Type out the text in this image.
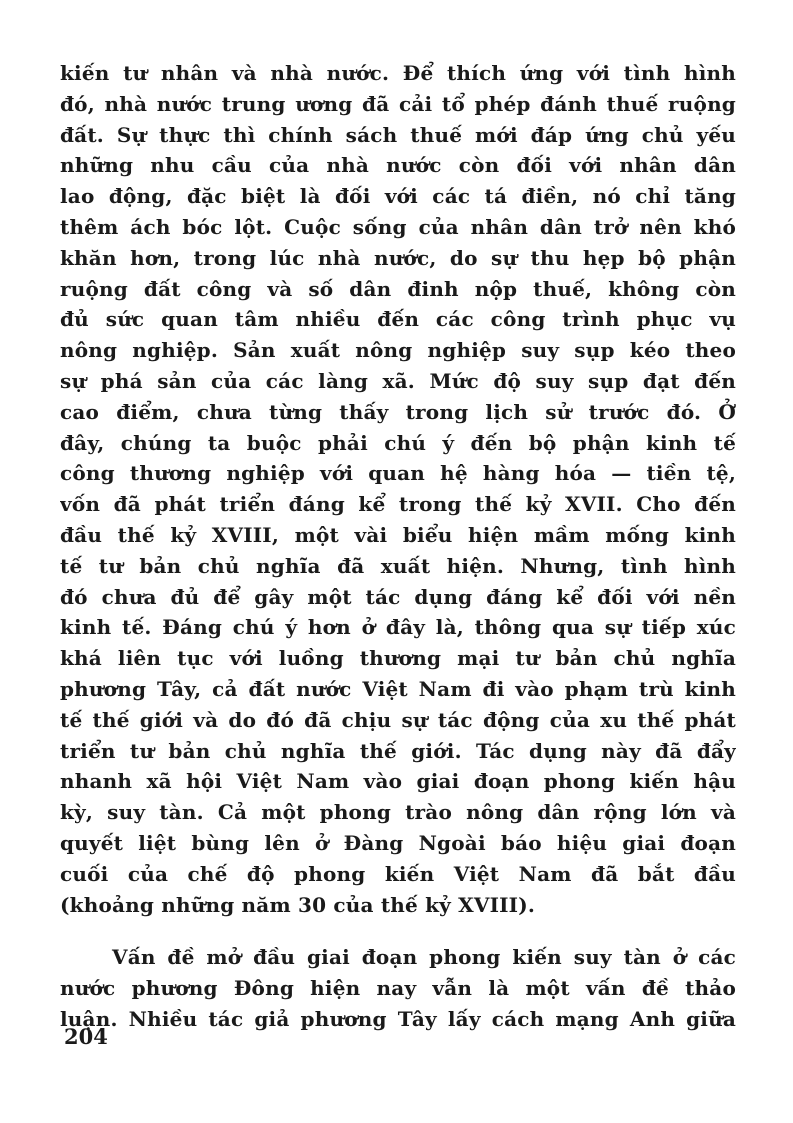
kiến tư nhân và nhà nước. Để thích ứng với tình hình
đó, nhà nước trung ương đã cải tổ phép đánh thuế ruộng
đất. Sự thực thì chính sách thuế mới đáp ứng chủ yếu
những nhu cầu của nhà nước còn đối với nhân dân
lao động, đặc biệt là đối với các tá điền, nó chỉ tăng
thêm ách bóc lột. Cuộc sống của nhân dân trở nên khó
khăn hơn, trong lúc nhà nước, do sự thu hẹp bộ phận
ruộng đất công và số dân đinh nộp thuế, không còn
đủ sức quan tâm nhiều đến các công trình phục vụ
nông nghiệp. Sản xuất nông nghiệp suy sụp kéo theo
sự phá sản của các làng xã. Mức độ suy sụp đạt đến
cao điểm, chưa từng thấy trong lịch sử trước đó. Ở
đây, chúng ta buộc phải chú ý đến bộ phận kinh tế
công thương nghiệp với quan hệ hàng hóa — tiền tệ,
vốn đã phát triển đáng kể trong thế kỷ XVII. Cho đến
đầu thế kỷ XVIII, một vài biểu hiện mầm mống kinh
tế tư bản chủ nghĩa đã xuất hiện. Nhưng, tình hình
đó chưa đủ để gây một tác dụng đáng kể đối với nền
kinh tế. Đáng chú ý hơn ở đây là, thông qua sự tiếp xúc
khá liên tục với luồng thương mại tư bản chủ nghĩa
phương Tây, cả đất nước Việt Nam đi vào phạm trù kinh
tế thế giới và do đó đã chịu sự tác động của xu thế phát
triển tư bản chủ nghĩa thế giới. Tác dụng này đã đẩy
nhanh xã hội Việt Nam vào giai đoạn phong kiến hậu
kỳ, suy tàn. Cả một phong trào nông dân rộng lớn và
quyết liệt bùng lên ở Đàng Ngoài báo hiệu giai đoạn
cuối của chế độ phong kiến Việt Nam đã bắt đầu
(khoảng những năm 30 của thế kỷ XVIII).
Vấn đề mở đầu giai đoạn phong kiến suy tàn ở các
nước phương Đông hiện nay vẫn là một vấn đề thảo
luận. Nhiều tác giả phương Tây lấy cách mạng Anh giữa
204
